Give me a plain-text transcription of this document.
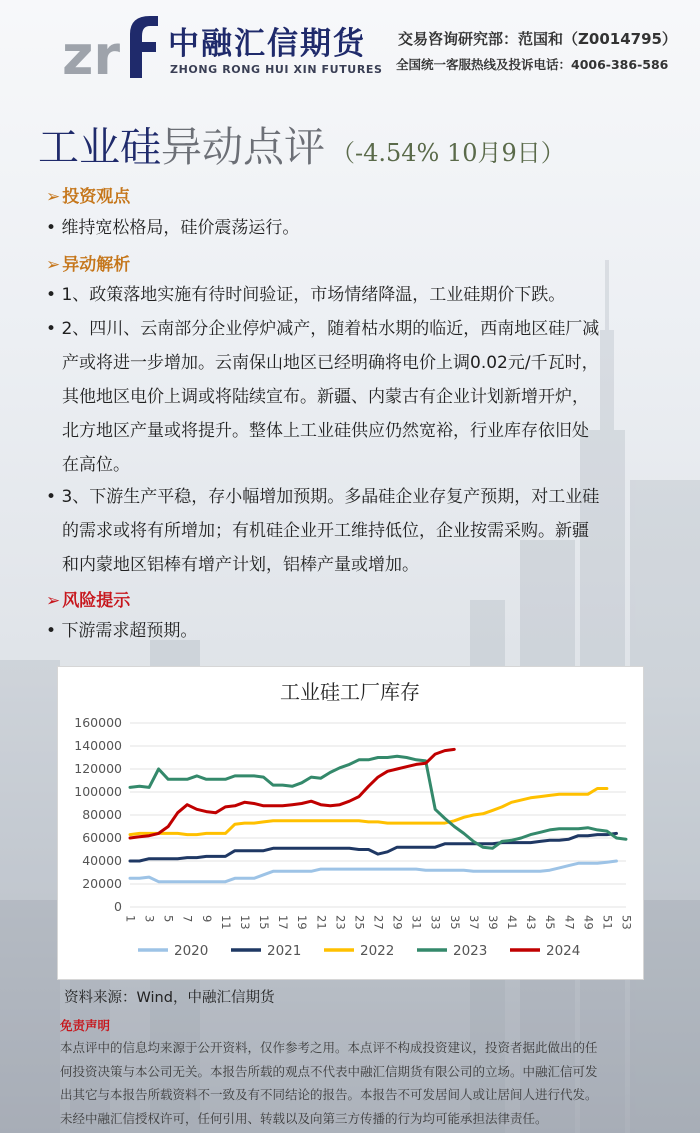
zr 中融汇信期货
ZHONG RONG HUI XIN FUTURES
交易咨询研究部：范国和（Z0014795）
全国统一客服热线及投诉电话：4006-386-586
工业硅异动点评 （-4.54% 10月9日）
➢ 投资观点
• 维持宽松格局，硅价震荡运行。
➢ 异动解析
• 1、政策落地实施有待时间验证，市场情绪降温，工业硅期价下跌。
• 2、四川、云南部分企业停炉减产，随着枯水期的临近，西南地区硅厂减
产或将进一步增加。云南保山地区已经明确将电价上调0.02元/千瓦时，
其他地区电价上调或将陆续宣布。新疆、内蒙古有企业计划新增开炉，
北方地区产量或将提升。整体上工业硅供应仍然宽裕，行业库存依旧处
在高位。
• 3、下游生产平稳，存小幅增加预期。多晶硅企业存复产预期，对工业硅
的需求或将有所增加；有机硅企业开工维持低位，企业按需采购。新疆
和内蒙地区铝棒有增产计划，铝棒产量或增加。
➢ 风险提示
• 下游需求超预期。
工业硅工厂库存
0
20000
40000
60000
80000
100000
120000
140000
160000
1 3 5 7 9 11 13 15 17 19 21 23 25 27 29 31 33 35 37 39 41 43 45 47 49 51 53
2020	2021	2022	2023	2024
资料来源：Wind，中融汇信期货
免责声明
本点评中的信息均来源于公开资料，仅作参考之用。本点评不构成投资建议，投资者据此做出的任
何投资决策与本公司无关。本报告所载的观点不代表中融汇信期货有限公司的立场。中融汇信可发
出其它与本报告所载资料不一致及有不同结论的报告。本报告不可发居间人或让居间人进行代发。
未经中融汇信授权许可，任何引用、转载以及向第三方传播的行为均可能承担法律责任。
